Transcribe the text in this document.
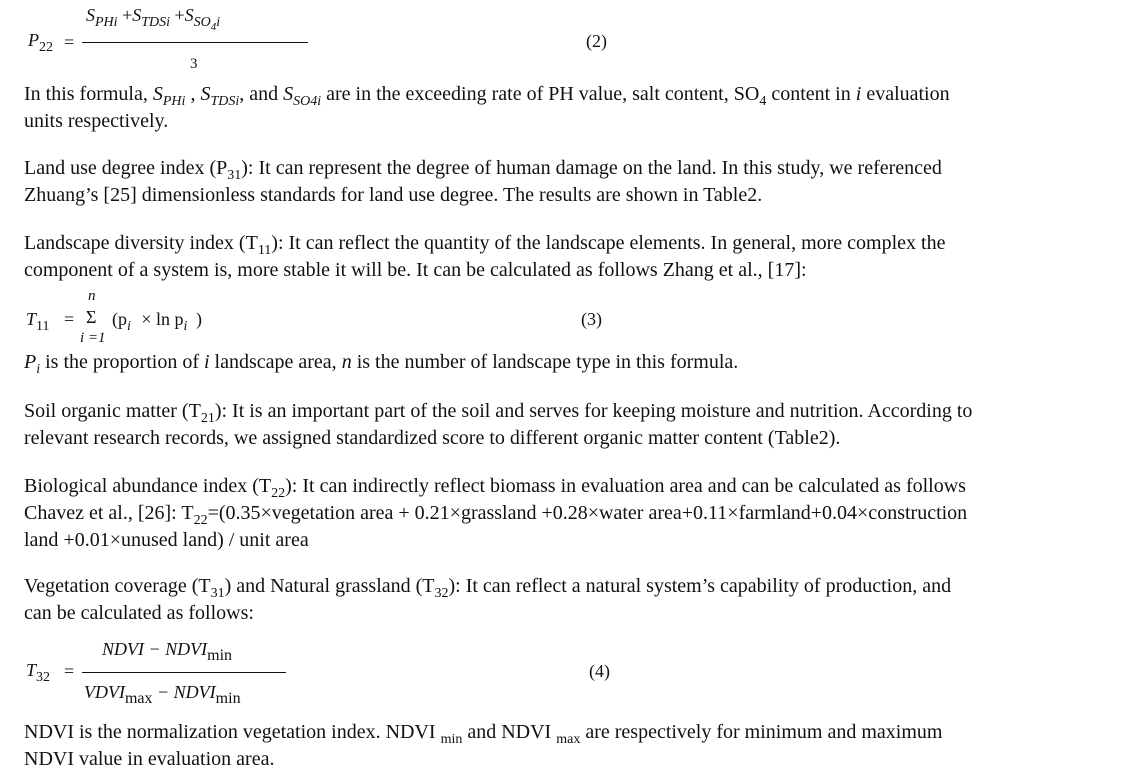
$P_{22}$ =
$S_{PHi} +S_{TDSi} +S_{SO4i}$
3
(2)
In this formula, $S_{PHi}$ , $S_{TDSi}$, and $S_{SO4i}$ are in the exceeding rate of PH value, salt content, $SO_4$ content in i evaluation
units respectively.
Land use degree index $(P_{31})$: It can represent the degree of human damage on the land. In this study, we referenced
Zhuang’s [25] dimensionless standards for land use degree. The results are shown in Table2.
Landscape diversity index $(T_{11})$: It can reflect the quantity of the landscape elements. In general, more complex the
component of a system is, more stable it will be. It can be calculated as follows Zhang et al., [17]:
n
$T_{11} = \Sigma$ ($p_i \times \ln p_i$ )
i =1
(3)
$P_i$ is the proportion of i landscape area, n is the number of landscape type in this formula.
Soil organic matter $(T_{21})$: It is an important part of the soil and serves for keeping moisture and nutrition. According to
relevant research records, we assigned standardized score to different organic matter content (Table2).
Biological abundance index $(T_{22})$: It can indirectly reflect biomass in evaluation area and can be calculated as follows
Chavez et al., [26]: $T_{22}=(0.35\times vegetation$ area + 0.21×grassland +0.28×water area+0.11×farmland+0.04×construction
land +0.01×unused land) / unit area
Vegetation coverage $(T_{31})$ and Natural grassland $(T_{32})$: It can reflect a natural system’s capability of production, and
can be calculated as follows:
$T_{32}$ =
NDVI − NDVImin
VDVImax − NDVImin
(4)
NDVI is the normalization vegetation index. NDVI $_{min}$ and NDVI $_{max}$ are respectively for minimum and maximum
NDVI value in evaluation area.
